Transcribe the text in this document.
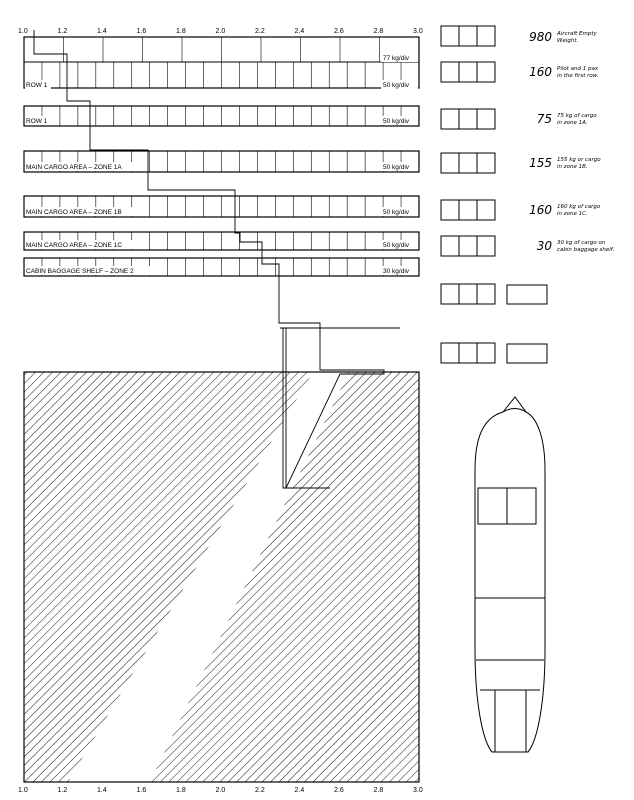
1.0	1.2	1.4	1.6	1.8	2.0	2.2	2.4	2.6	2.8	3.0
77 kg/div
980 Aircraft Empty
Weight.
ROW 1	50 kg/div
ROW 1	50 kg/div
160 Pilot and 1 pax
in the first row.
MAIN CARGO AREA – ZONE 1A	50 kg/div
75 75 kg of cargo
in zone 1A.
MAIN CARGO AREA – ZONE 1B	50 kg/div
155 155 kg or cargo
in zone 1B.
MAIN CARGO AREA – ZONE 1C	50 kg/div
160 160 kg of cargo
in zone 1C.
CABIN BAGGAGE SHELF – ZONE 2	30 kg/div
30 30 kg of cargo on
cabin baggage shelf.
1.0	1.2	1.4	1.6	1.8	2.0	2.2	2.4	2.6	2.8	3.0
